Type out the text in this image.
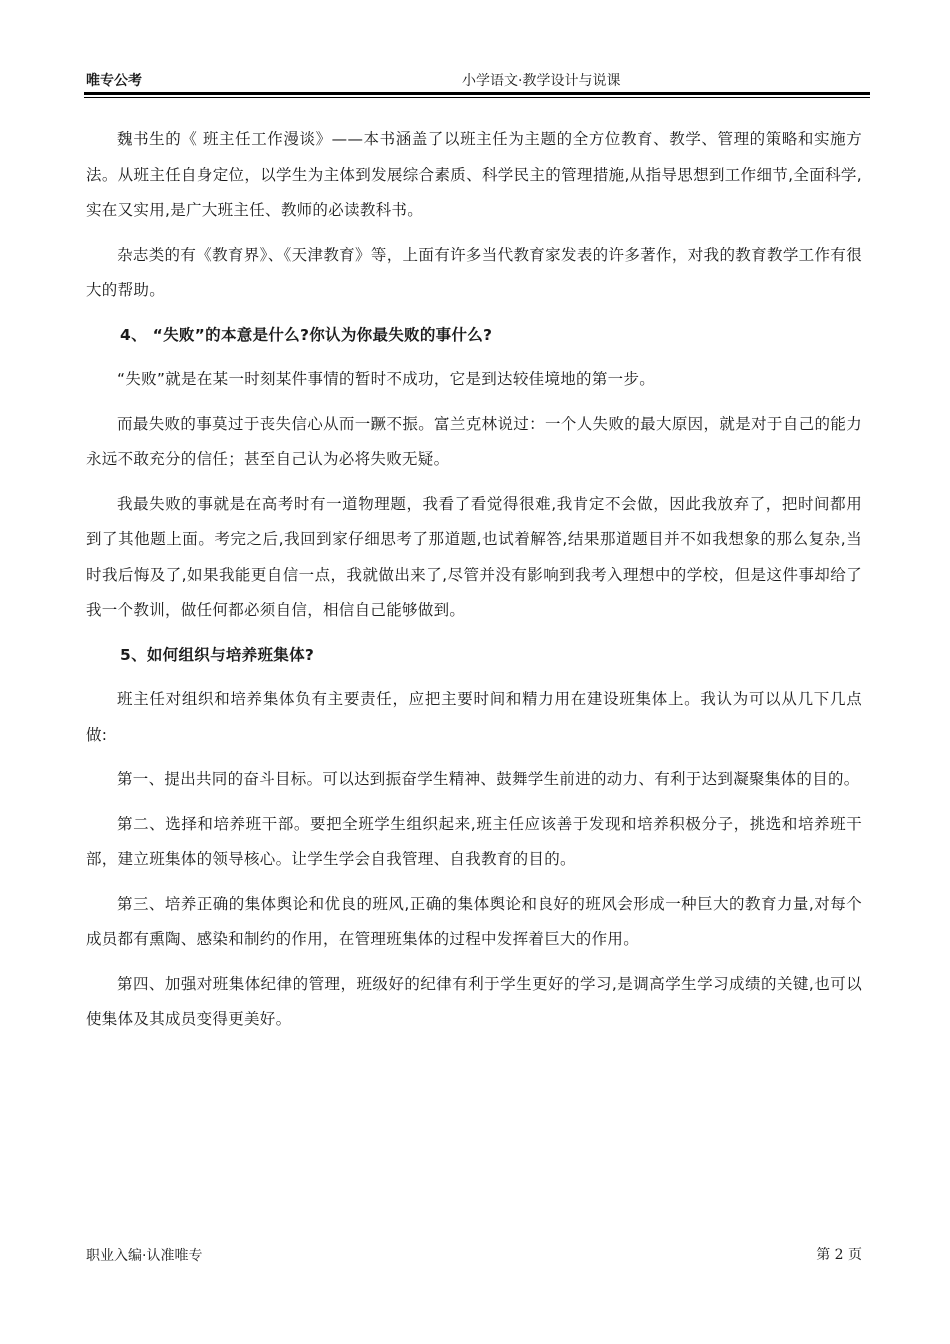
唯专公考	小学语文·教学设计与说课

魏书生的《 班主任工作漫谈》——本书涵盖了以班主任为主题的全方位教育、教学、管理的策略和实施方法。从班主任自身定位，以学生为主体到发展综合素质、科学民主的管理措施,从指导思想到工作细节,全面科学,实在又实用,是广大班主任、教师的必读教科书。

杂志类的有《教育界》、《天津教育》等，上面有许多当代教育家发表的许多著作，对我的教育教学工作有很大的帮助。

4、 “失败”的本意是什么?你认为你最失败的事什么?

“失败”就是在某一时刻某件事情的暂时不成功，它是到达较佳境地的第一步。

而最失败的事莫过于丧失信心从而一蹶不振。富兰克林说过：一个人失败的最大原因，就是对于自己的能力永远不敢充分的信任；甚至自己认为必将失败无疑。

我最失败的事就是在高考时有一道物理题，我看了看觉得很难,我肯定不会做，因此我放弃了，把时间都用到了其他题上面。考完之后,我回到家仔细思考了那道题,也试着解答,结果那道题目并不如我想象的那么复杂,当时我后悔及了,如果我能更自信一点，我就做出来了,尽管并没有影响到我考入理想中的学校，但是这件事却给了我一个教训，做任何都必须自信，相信自己能够做到。

5、如何组织与培养班集体?

班主任对组织和培养集体负有主要责任，应把主要时间和精力用在建设班集体上。我认为可以从几下几点做:

第一、提出共同的奋斗目标。可以达到振奋学生精神、鼓舞学生前进的动力、有利于达到凝聚集体的目的。

第二、选择和培养班干部。要把全班学生组织起来,班主任应该善于发现和培养积极分子，挑选和培养班干部，建立班集体的领导核心。让学生学会自我管理、自我教育的目的。

第三、培养正确的集体舆论和优良的班风,正确的集体舆论和良好的班风会形成一种巨大的教育力量,对每个成员都有熏陶、感染和制约的作用，在管理班集体的过程中发挥着巨大的作用。

第四、加强对班集体纪律的管理，班级好的纪律有利于学生更好的学习,是调高学生学习成绩的关键,也可以使集体及其成员变得更美好。

职业入编·认准唯专	第 2 页
